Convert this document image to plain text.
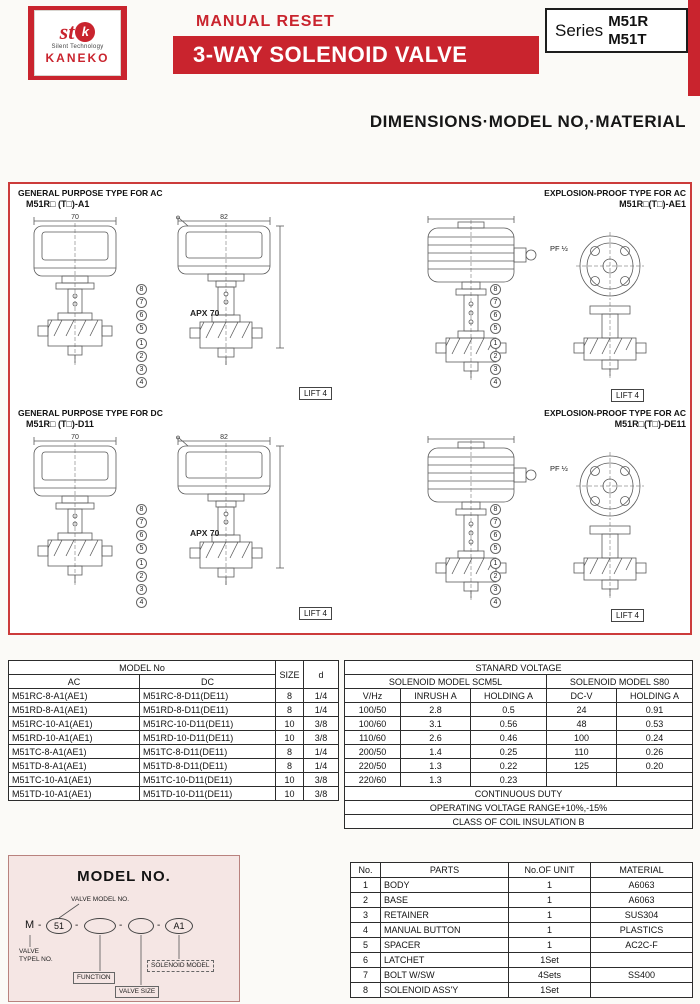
st k
Silent Technology
KANEKO
MANUAL RESET
3-WAY SOLENOID VALVE
Series M51R
M51T
DIMENSIONS·MODEL NO,·MATERIAL
GENERAL PURPOSE TYPE FOR AC
M51R□ (T□)-A1
70	82
8
7
6
5
1
2
3
4
APX 70
LIFT 4
EXPLOSION-PROOF TYPE FOR AC
M51R□(T□)-AE1
8
7
6
5
1
2
3
4
PF ½
LIFT 4
GENERAL PURPOSE TYPE FOR DC
M51R□ (T□)-D11
70	82
8
7
6
5
1
2
3
4
APX 70
LIFT 4
EXPLOSION-PROOF TYPE FOR AC
M51R□(T□)-DE11
8
7
6
5
1
2
3
4
PF ½
LIFT 4
MODEL No		SIZE	d
AC	DC		
M51RC-8-A1(AE1)	M51RC-8-D11(DE11)	8	1/4
M51RD-8-A1(AE1)	M51RD-8-D11(DE11)	8	1/4
M51RC-10-A1(AE1)	M51RC-10-D11(DE11)	10	3/8
M51RD-10-A1(AE1)	M51RD-10-D11(DE11)	10	3/8
M51TC-8-A1(AE1)	M51TC-8-D11(DE11)	8	1/4
M51TD-8-A1(AE1)	M51TD-8-D11(DE11)	8	1/4
M51TC-10-A1(AE1)	M51TC-10-D11(DE11)	10	3/8
M51TD-10-A1(AE1)	M51TD-10-D11(DE11)	10	3/8
STANARD VOLTAGE				
SOLENOID MODEL SCM5L			SOLENOID MODEL S80	
V/Hz	INRUSH A	HOLDING A	DC-V	HOLDING A
100/50	2.8	0.5	24	0.91
100/60	3.1	0.56	48	0.53
110/60	2.6	0.46	100	0.24
200/50	1.4	0.25	110	0.26
220/50	1.3	0.22	125	0.20
220/60	1.3	0.23		
CONTINUOUS DUTY				
OPERATING VOLTAGE RANGE+10%,-15%				
CLASS OF COIL INSULATION B				
MODEL NO.
VALVE MODEL NO.
M -	51	-	-	-	A1
VALVE
TYPEL NO.
SOLENOID MODEL
FUNCTION
VALVE SIZE
No.	PARTS	No.OF UNIT	MATERIAL
1	BODY	1	A6063
2	BASE	1	A6063
3	RETAINER	1	SUS304
4	MANUAL BUTTON	1	PLASTICS
5	SPACER	1	AC2C-F
6	LATCHET	1Set	
7	BOLT W/SW	4Sets	SS400
8	SOLENOID ASS'Y	1Set	
